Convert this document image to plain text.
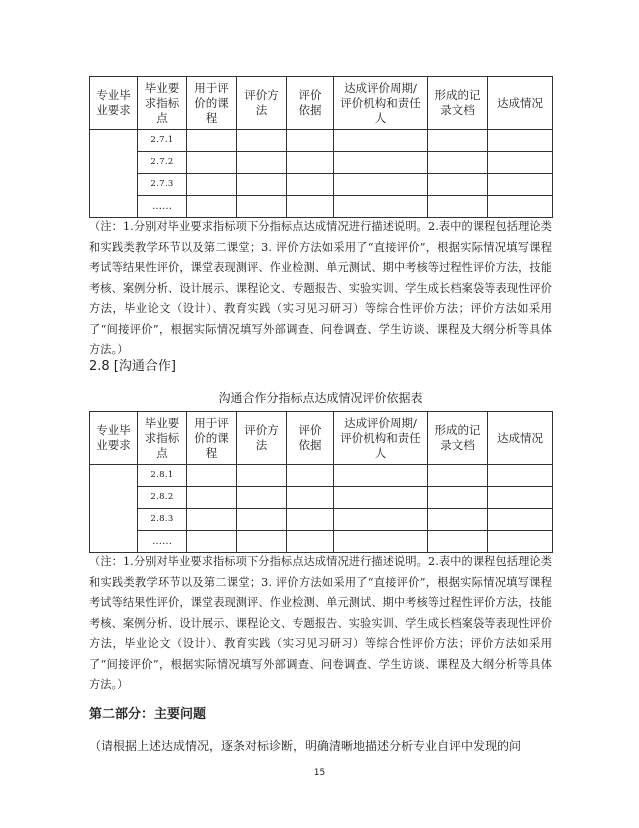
专业毕业要求	毕业要求指标点	用于评价的课程	评价方法	评价依据	达成评价周期/评价机构和责任人	形成的记录文档	达成情况
	2.7.1						
	2.7.2						
	2.7.3						
	……						
（注：1.分别对毕业要求指标项下分指标点达成情况进行描述说明。2.表中的课程包括理论类和实践类教学环节以及第二课堂；3. 评价方法如采用了“直接评价”，根据实际情况填写课程考试等结果性评价，课堂表现测评、作业检测、单元测试、期中考核等过程性评价方法，技能考核、案例分析、设计展示、课程论文、专题报告、实验实训、学生成长档案袋等表现性评价方法，毕业论文（设计）、教育实践（实习见习研习）等综合性评价方法；评价方法如采用了“间接评价”，根据实际情况填写外部调查、问卷调查、学生访谈、课程及大纲分析等具体方法。）
2.8 [沟通合作]
沟通合作分指标点达成情况评价依据表
专业毕业要求	毕业要求指标点	用于评价的课程	评价方法	评价依据	达成评价周期/评价机构和责任人	形成的记录文档	达成情况
	2.8.1						
	2.8.2						
	2.8.3						
	……						
（注：1.分别对毕业要求指标项下分指标点达成情况进行描述说明。2.表中的课程包括理论类和实践类教学环节以及第二课堂；3. 评价方法如采用了“直接评价”，根据实际情况填写课程考试等结果性评价，课堂表现测评、作业检测、单元测试、期中考核等过程性评价方法，技能考核、案例分析、设计展示、课程论文、专题报告、实验实训、学生成长档案袋等表现性评价方法，毕业论文（设计）、教育实践（实习见习研习）等综合性评价方法；评价方法如采用了“间接评价”，根据实际情况填写外部调查、问卷调查、学生访谈、课程及大纲分析等具体方法。）
第二部分：主要问题
（请根据上述达成情况，逐条对标诊断，明确清晰地描述分析专业自评中发现的问
15
